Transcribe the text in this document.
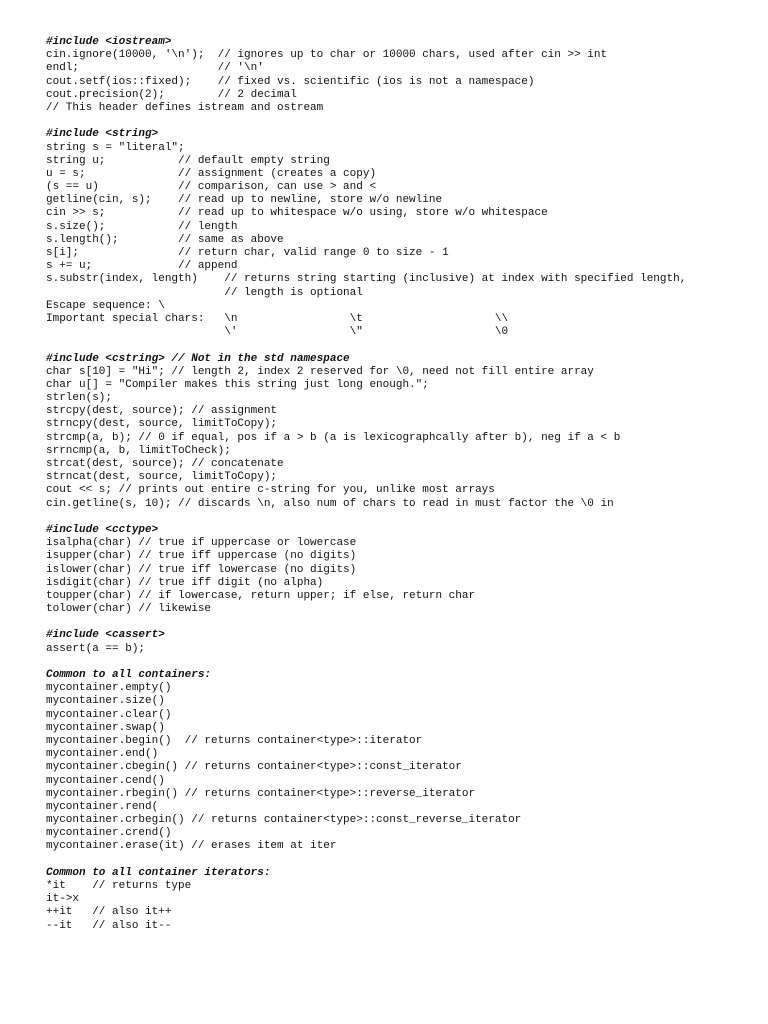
#include <iostream>
cin.ignore(10000, '\n');  // ignores up to char or 10000 chars, used after cin >> int
endl;                     // '\n'
cout.setf(ios::fixed);    // fixed vs. scientific (ios is not a namespace)
cout.precision(2);        // 2 decimal
// This header defines istream and ostream
#include <string>
string s = "literal";
string u;           // default empty string
u = s;              // assignment (creates a copy)
(s == u)            // comparison, can use > and <
getline(cin, s);    // read up to newline, store w/o newline
cin >> s;           // read up to whitespace w/o using, store w/o whitespace
s.size();           // length
s.length();         // same as above
s[i];               // return char, valid range 0 to size - 1
s += u;             // append
s.substr(index, length)    // returns string starting (inclusive) at index with specified length,
// length is optional
Escape sequence: \
Important special chars:   \n                 \t                    \\
\'                 \"                    \0
#include <cstring> // Not in the std namespace
char s[10] = "Hi"; // length 2, index 2 reserved for \0, need not fill entire array
char u[] = "Compiler makes this string just long enough.";
strlen(s);
strcpy(dest, source); // assignment
strncpy(dest, source, limitToCopy);
strcmp(a, b); // 0 if equal, pos if a > b (a is lexicographcally after b), neg if a < b
srrncmp(a, b, limitToCheck);
strcat(dest, source); // concatenate
strncat(dest, source, limitToCopy);
cout << s; // prints out entire c-string for you, unlike most arrays
cin.getline(s, 10); // discards \n, also num of chars to read in must factor the \0 in
#include <cctype>
isalpha(char) // true if uppercase or lowercase
isupper(char) // true iff uppercase (no digits)
islower(char) // true iff lowercase (no digits)
isdigit(char) // true iff digit (no alpha)
toupper(char) // if lowercase, return upper; if else, return char
tolower(char) // likewise
#include <cassert>
assert(a == b);
Common to all containers:
mycontainer.empty()
mycontainer.size()
mycontainer.clear()
mycontainer.swap()
mycontainer.begin()  // returns container<type>::iterator
mycontainer.end()
mycontainer.cbegin() // returns container<type>::const_iterator
mycontainer.cend()
mycontainer.rbegin() // returns container<type>::reverse_iterator
mycontainer.rend(
mycontainer.crbegin() // returns container<type>::const_reverse_iterator
mycontainer.crend()
mycontainer.erase(it) // erases item at iter
Common to all container iterators:
*it    // returns type
it->x
++it   // also it++
--it   // also it--
